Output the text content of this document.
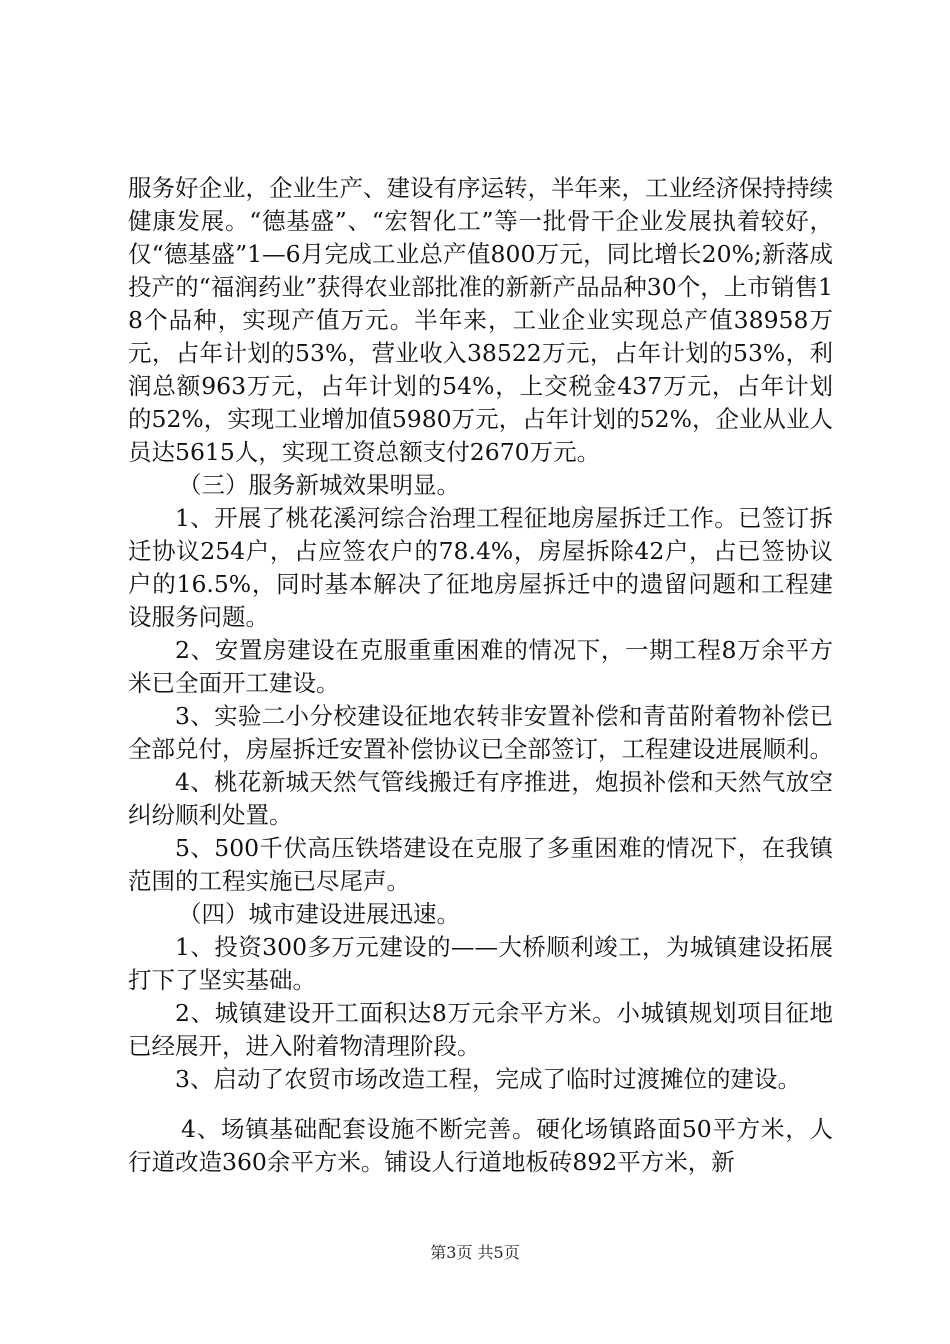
服务好企业，企业生产、建设有序运转，半年来，工业经济保持持续健康发展。“德基盛”、“宏智化工”等一批骨干企业发展执着较好，仅“德基盛”1—6月完成工业总产值800万元，同比增长20%;新落成投产的“福润药业”获得农业部批准的新新产品品种30个，上市销售18个品种，实现产值万元。半年来，工业企业实现总产值38958万元，占年计划的53%，营业收入38522万元，占年计划的53%，利润总额963万元，占年计划的54%，上交税金437万元，占年计划的52%，实现工业增加值5980万元，占年计划的52%，企业从业人员达5615人，实现工资总额支付2670万元。

（三）服务新城效果明显。

1、开展了桃花溪河综合治理工程征地房屋拆迁工作。已签订拆迁协议254户，占应签农户的78.4%，房屋拆除42户，占已签协议户的16.5%，同时基本解决了征地房屋拆迁中的遗留问题和工程建设服务问题。

2、安置房建设在克服重重困难的情况下，一期工程8万余平方米已全面开工建设。

3、实验二小分校建设征地农转非安置补偿和青苗附着物补偿已全部兑付，房屋拆迁安置补偿协议已全部签订，工程建设进展顺利。

4、桃花新城天然气管线搬迁有序推进，炮损补偿和天然气放空纠纷顺利处置。

5、500千伏高压铁塔建设在克服了多重困难的情况下，在我镇范围的工程实施已尽尾声。

（四）城市建设进展迅速。

1、投资300多万元建设的——大桥顺利竣工，为城镇建设拓展打下了坚实基础。

2、城镇建设开工面积达8万元余平方米。小城镇规划项目征地已经展开，进入附着物清理阶段。

3、启动了农贸市场改造工程，完成了临时过渡摊位的建设。

4、场镇基础配套设施不断完善。硬化场镇路面50平方米，人行道改造360余平方米。铺设人行道地板砖892平方米，新

第3页 共5页
